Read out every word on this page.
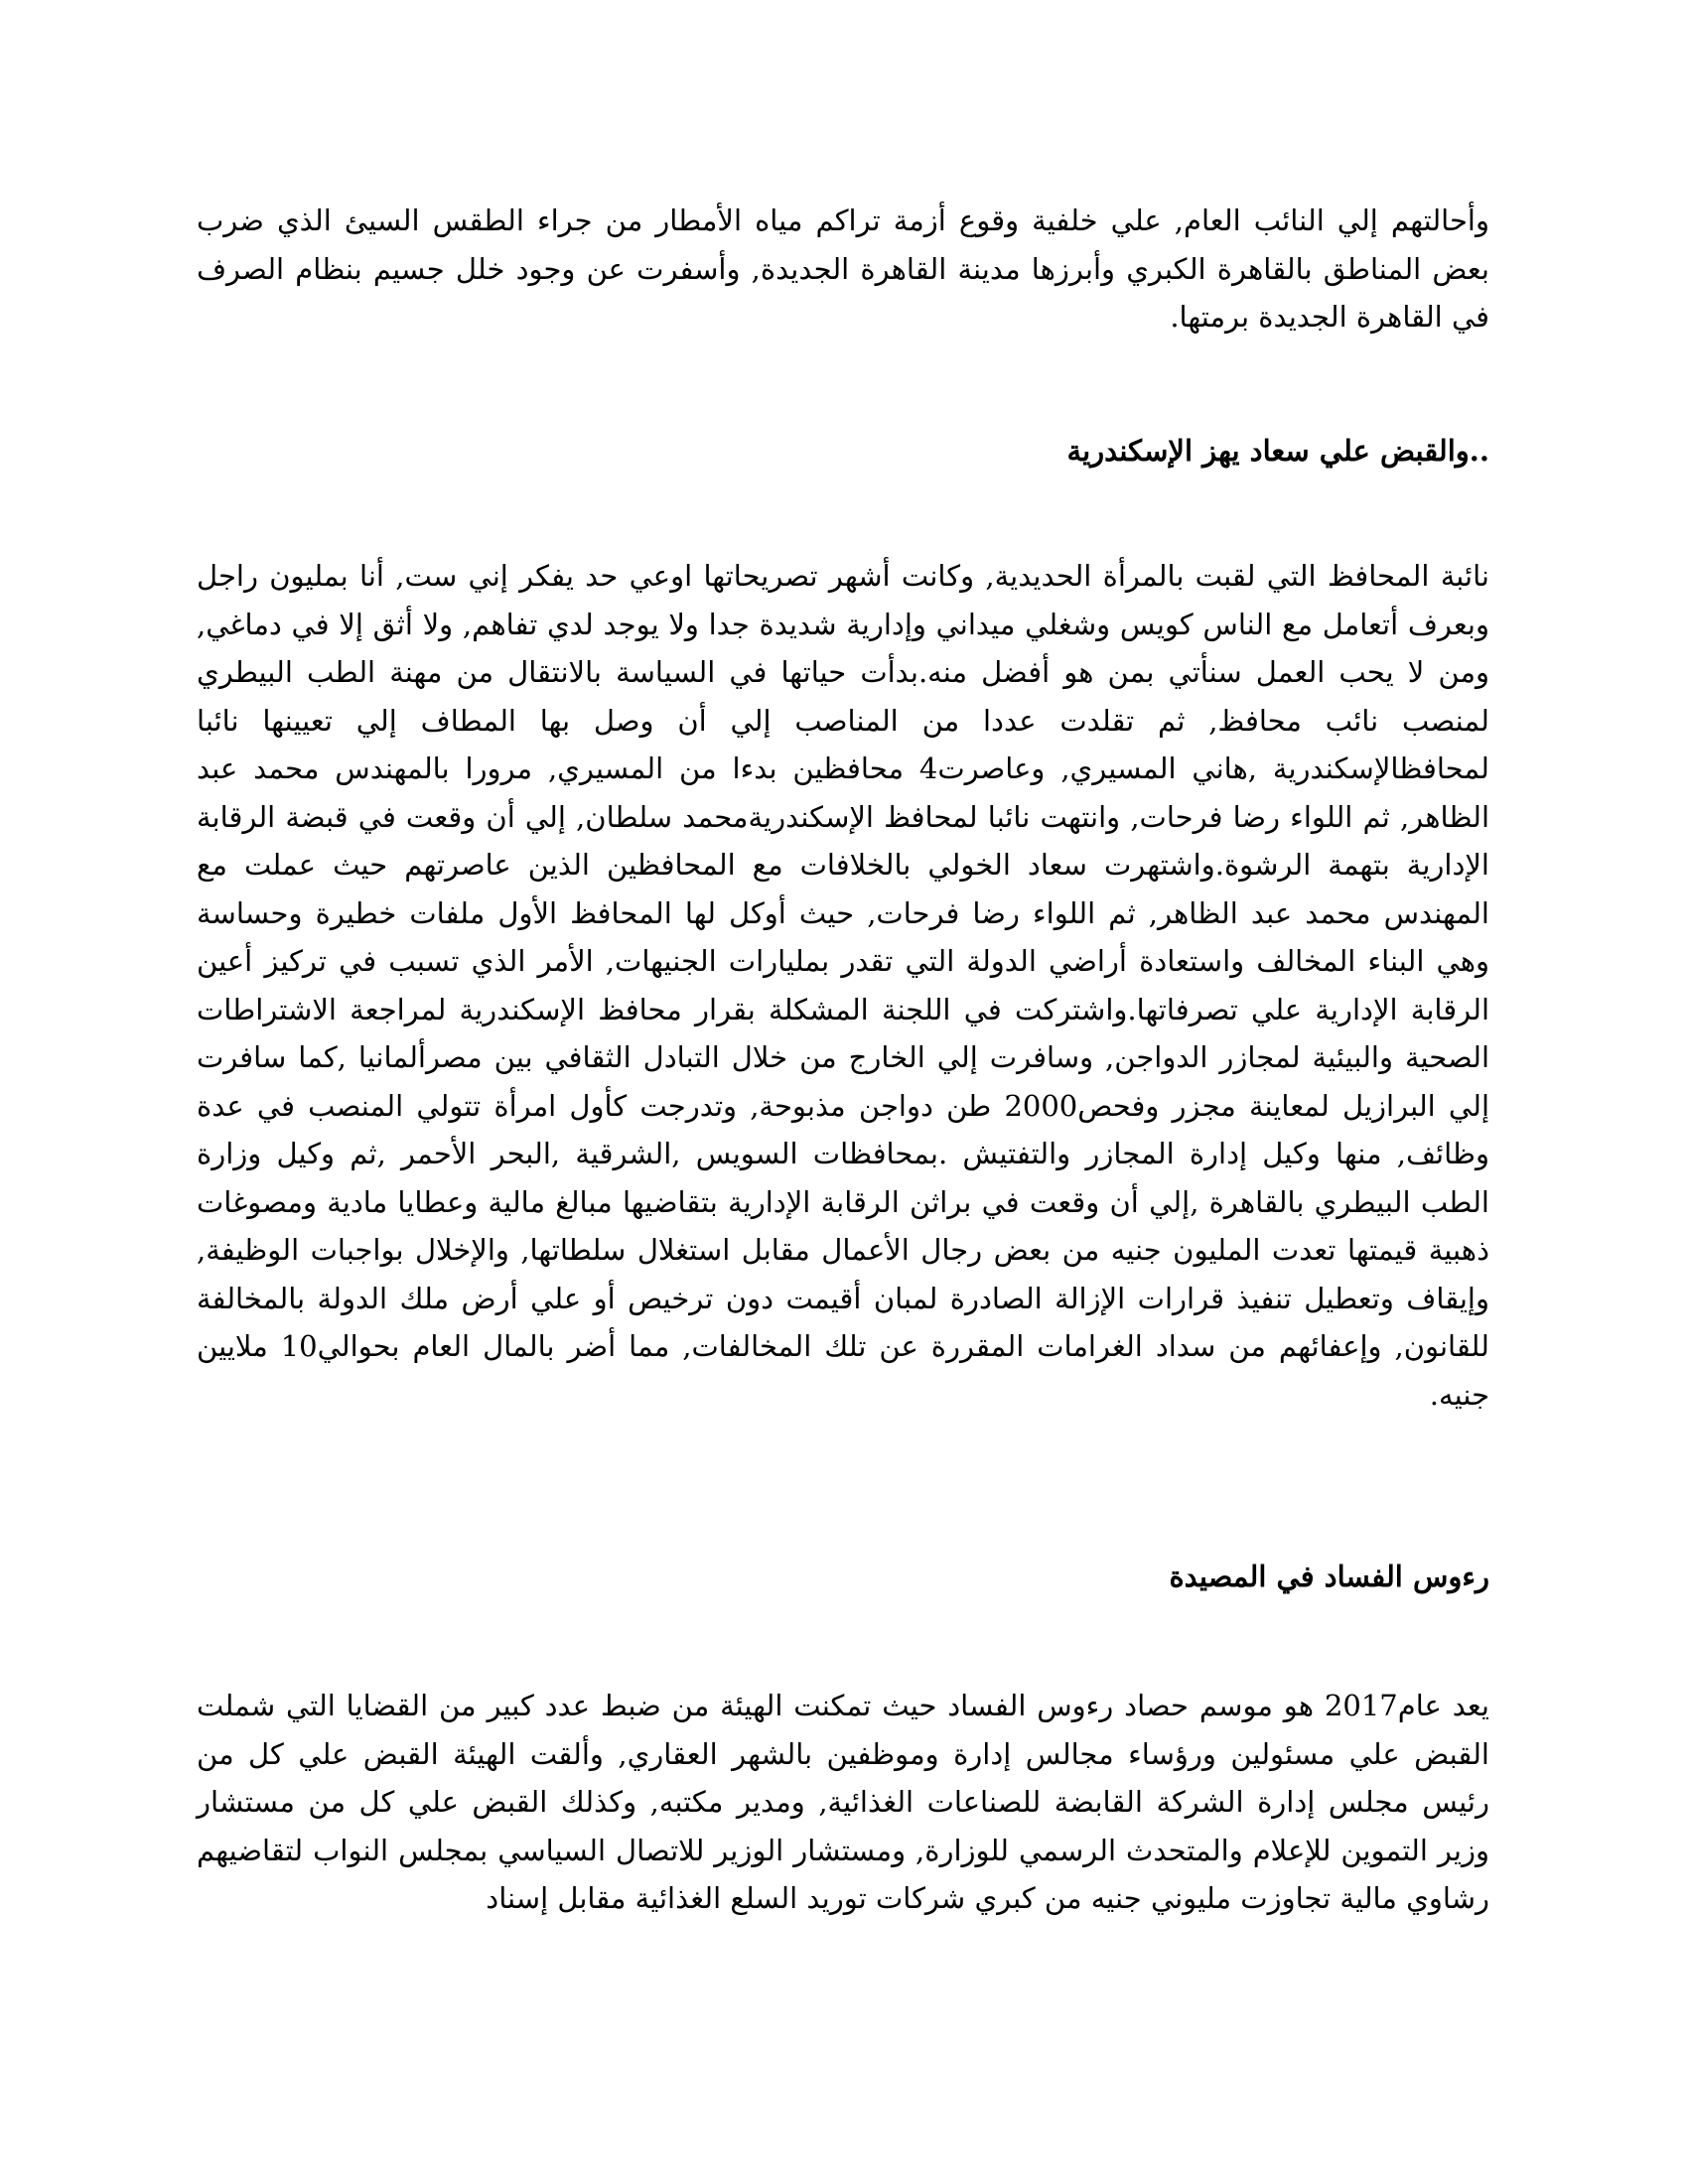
وأحالتهم إلي النائب العام, علي خلفية وقوع أزمة تراكم مياه الأمطار من جراء الطقس السيئ الذي ضرب بعض المناطق بالقاهرة الكبري وأبرزها مدينة القاهرة الجديدة, وأسفرت عن وجود خلل جسيم بنظام الصرف في القاهرة الجديدة برمتها.

..والقبض علي سعاد يهز الإسكندرية

نائبة المحافظ التي لقبت بالمرأة الحديدية, وكانت أشهر تصريحاتها اوعي حد يفكر إني ست, أنا بمليون راجل وبعرف أتعامل مع الناس كويس وشغلي ميداني وإدارية شديدة جدا ولا يوجد لدي تفاهم, ولا أثق إلا في دماغي, ومن لا يحب العمل سنأتي بمن هو أفضل منه.بدأت حياتها في السياسة بالانتقال من مهنة الطب البيطري لمنصب نائب محافظ, ثم تقلدت عددا من المناصب إلي أن وصل بها المطاف إلي تعيينها نائبا لمحافظالإسكندرية ,هاني المسيري, وعاصرت4 محافظين بدءا من المسيري, مرورا بالمهندس محمد عبد الظاهر, ثم اللواء رضا فرحات, وانتهت نائبا لمحافظ الإسكندريةمحمد سلطان, إلي أن وقعت في قبضة الرقابة الإدارية بتهمة الرشوة.واشتهرت سعاد الخولي بالخلافات مع المحافظين الذين عاصرتهم حيث عملت مع المهندس محمد عبد الظاهر, ثم اللواء رضا فرحات, حيث أوكل لها المحافظ الأول ملفات خطيرة وحساسة وهي البناء المخالف واستعادة أراضي الدولة التي تقدر بمليارات الجنيهات, الأمر الذي تسبب في تركيز أعين الرقابة الإدارية علي تصرفاتها.واشتركت في اللجنة المشكلة بقرار محافظ الإسكندرية لمراجعة الاشتراطات الصحية والبيئية لمجازر الدواجن, وسافرت إلي الخارج من خلال التبادل الثقافي بين مصرألمانيا ,كما سافرت إلي البرازيل لمعاينة مجزر وفحص2000 طن دواجن مذبوحة, وتدرجت كأول امرأة تتولي المنصب في عدة وظائف, منها وكيل إدارة المجازر والتفتيش .بمحافظات السويس ,الشرقية ,البحر الأحمر ,ثم وكيل وزارة الطب البيطري بالقاهرة ,إلي أن وقعت في براثن الرقابة الإدارية بتقاضيها مبالغ مالية وعطايا مادية ومصوغات ذهبية قيمتها تعدت المليون جنيه من بعض رجال الأعمال مقابل استغلال سلطاتها, والإخلال بواجبات الوظيفة, وإيقاف وتعطيل تنفيذ قرارات الإزالة الصادرة لمبان أقيمت دون ترخيص أو علي أرض ملك الدولة بالمخالفة للقانون, وإعفائهم من سداد الغرامات المقررة عن تلك المخالفات, مما أضر بالمال العام بحوالي10 ملايين جنيه.

رءوس الفساد في المصيدة

يعد عام2017 هو موسم حصاد رءوس الفساد حيث تمكنت الهيئة من ضبط عدد كبير من القضايا التي شملت القبض علي مسئولين ورؤساء مجالس إدارة وموظفين بالشهر العقاري, وألقت الهيئة القبض علي كل من رئيس مجلس إدارة الشركة القابضة للصناعات الغذائية, ومدير مكتبه, وكذلك القبض علي كل من مستشار وزير التموين للإعلام والمتحدث الرسمي للوزارة, ومستشار الوزير للاتصال السياسي بمجلس النواب لتقاضيهم رشاوي مالية تجاوزت مليوني جنيه من كبري شركات توريد السلع الغذائية مقابل إسناد
